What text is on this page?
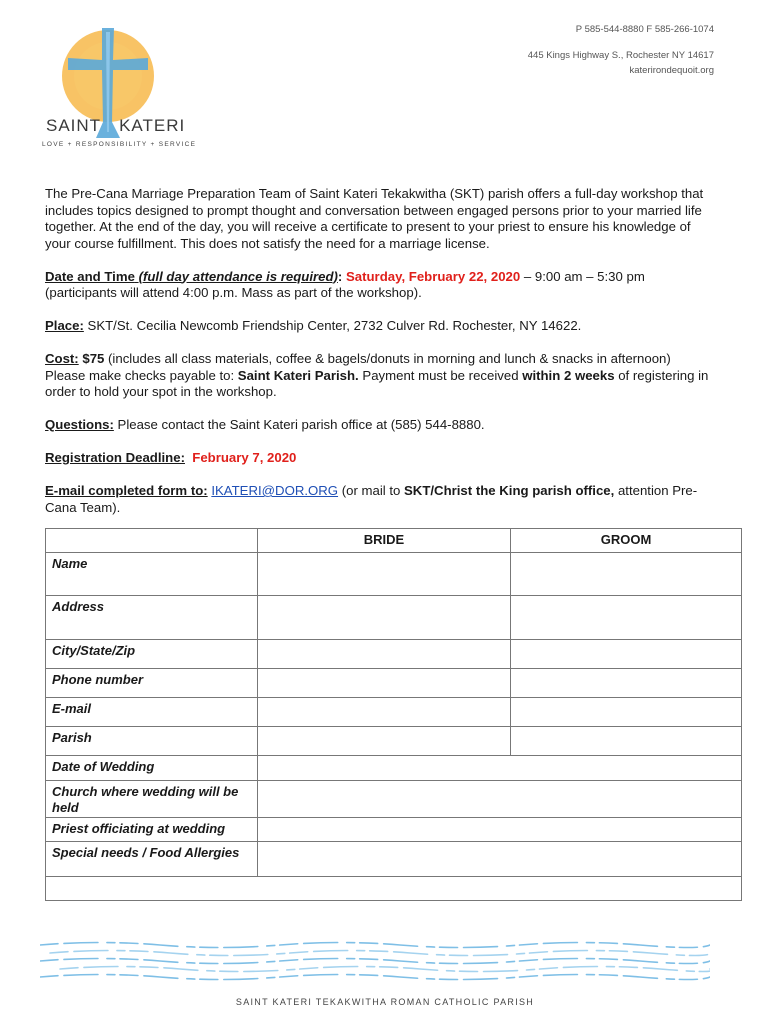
SAINT KATERI
LOVE + RESPONSIBILITY + SERVICE
P 585-544-8880 F 585-266-1074
445 Kings Highway S., Rochester NY 14617
katerirondequoit.org

The Pre-Cana Marriage Preparation Team of Saint Kateri Tekakwitha (SKT) parish offers a full-day workshop that includes topics designed to prompt thought and conversation between engaged persons prior to your married life together. At the end of the day, you will receive a certificate to present to your priest to ensure his knowledge of your course fulfillment. This does not satisfy the need for a marriage license.

Date and Time (full day attendance is required): Saturday, February 22, 2020 – 9:00 am – 5:30 pm
(participants will attend 4:00 p.m. Mass as part of the workshop).

Place: SKT/St. Cecilia Newcomb Friendship Center, 2732 Culver Rd. Rochester, NY 14622.

Cost: $75 (includes all class materials, coffee & bagels/donuts in morning and lunch & snacks in afternoon)
Please make checks payable to: Saint Kateri Parish. Payment must be received within 2 weeks of registering in order to hold your spot in the workshop.

Questions: Please contact the Saint Kateri parish office at (585) 544-8880.

Registration Deadline: February 7, 2020

E-mail completed form to: IKATERI@DOR.ORG (or mail to SKT/Christ the King parish office, attention Pre-Cana Team).

	BRIDE	GROOM
Name		
Address		
City/State/Zip		
Phone number		
E-mail		
Parish		
Date of Wedding		
Church where wedding will be held		
Priest officiating at wedding		
Special needs / Food Allergies		

SAINT KATERI TEKAKWITHA ROMAN CATHOLIC PARISH
